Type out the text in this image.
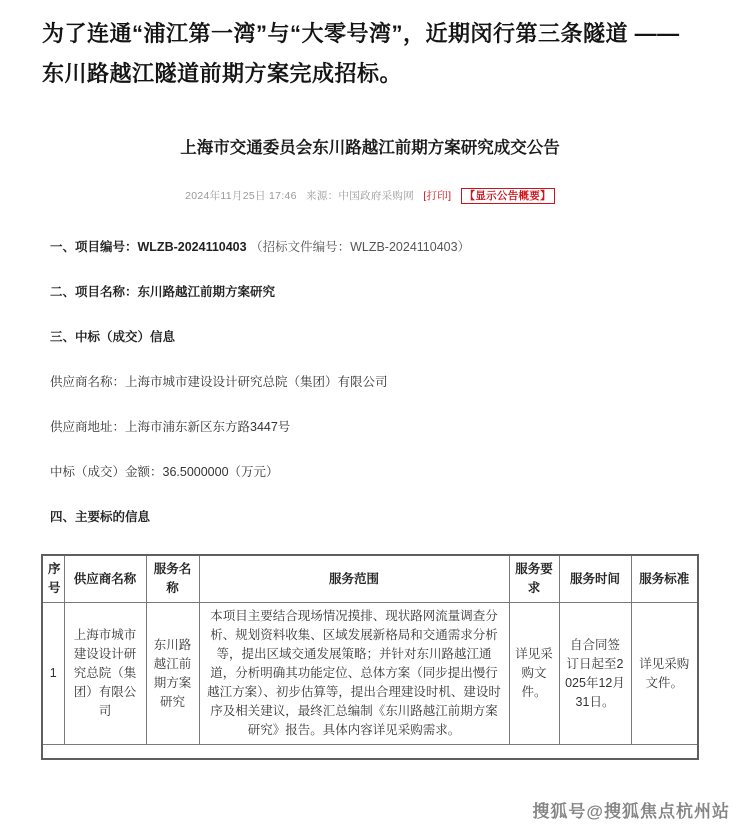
为了连通“浦江第一湾”与“大零号湾”，近期闵行第三条隧道 —— 东川路越江隧道前期方案完成招标。

上海市交通委员会东川路越江前期方案研究成交公告
2024年11月25日 17:46 来源：中国政府采购网 [打印] 【显示公告概要】
一、项目编号：WLZB-2024110403 （招标文件编号：WLZB-2024110403）
二、项目名称：东川路越江前期方案研究
三、中标（成交）信息
供应商名称：上海市城市建设设计研究总院（集团）有限公司
供应商地址：上海市浦东新区东方路3447号
中标（成交）金额：36.5000000（万元）
四、主要标的信息
序号	供应商名称	服务名称	服务范围	服务要求	服务时间	服务标准
1	上海市城市建设设计研究总院（集团）有限公司	东川路越江前期方案研究	本项目主要结合现场情况摸排、现状路网流量调查分析、规划资料收集、区域发展新格局和交通需求分析等，提出区域交通发展策略；并针对东川路越江通道，分析明确其功能定位、总体方案（同步提出慢行越江方案）、初步估算等，提出合理建设时机、建设时序及相关建议，最终汇总编制《东川路越江前期方案研究》报告。具体内容详见采购需求。	详见采购文件。	自合同签订日起至2025年12月31日。	详见采购文件。

搜狐号@搜狐焦点杭州站
